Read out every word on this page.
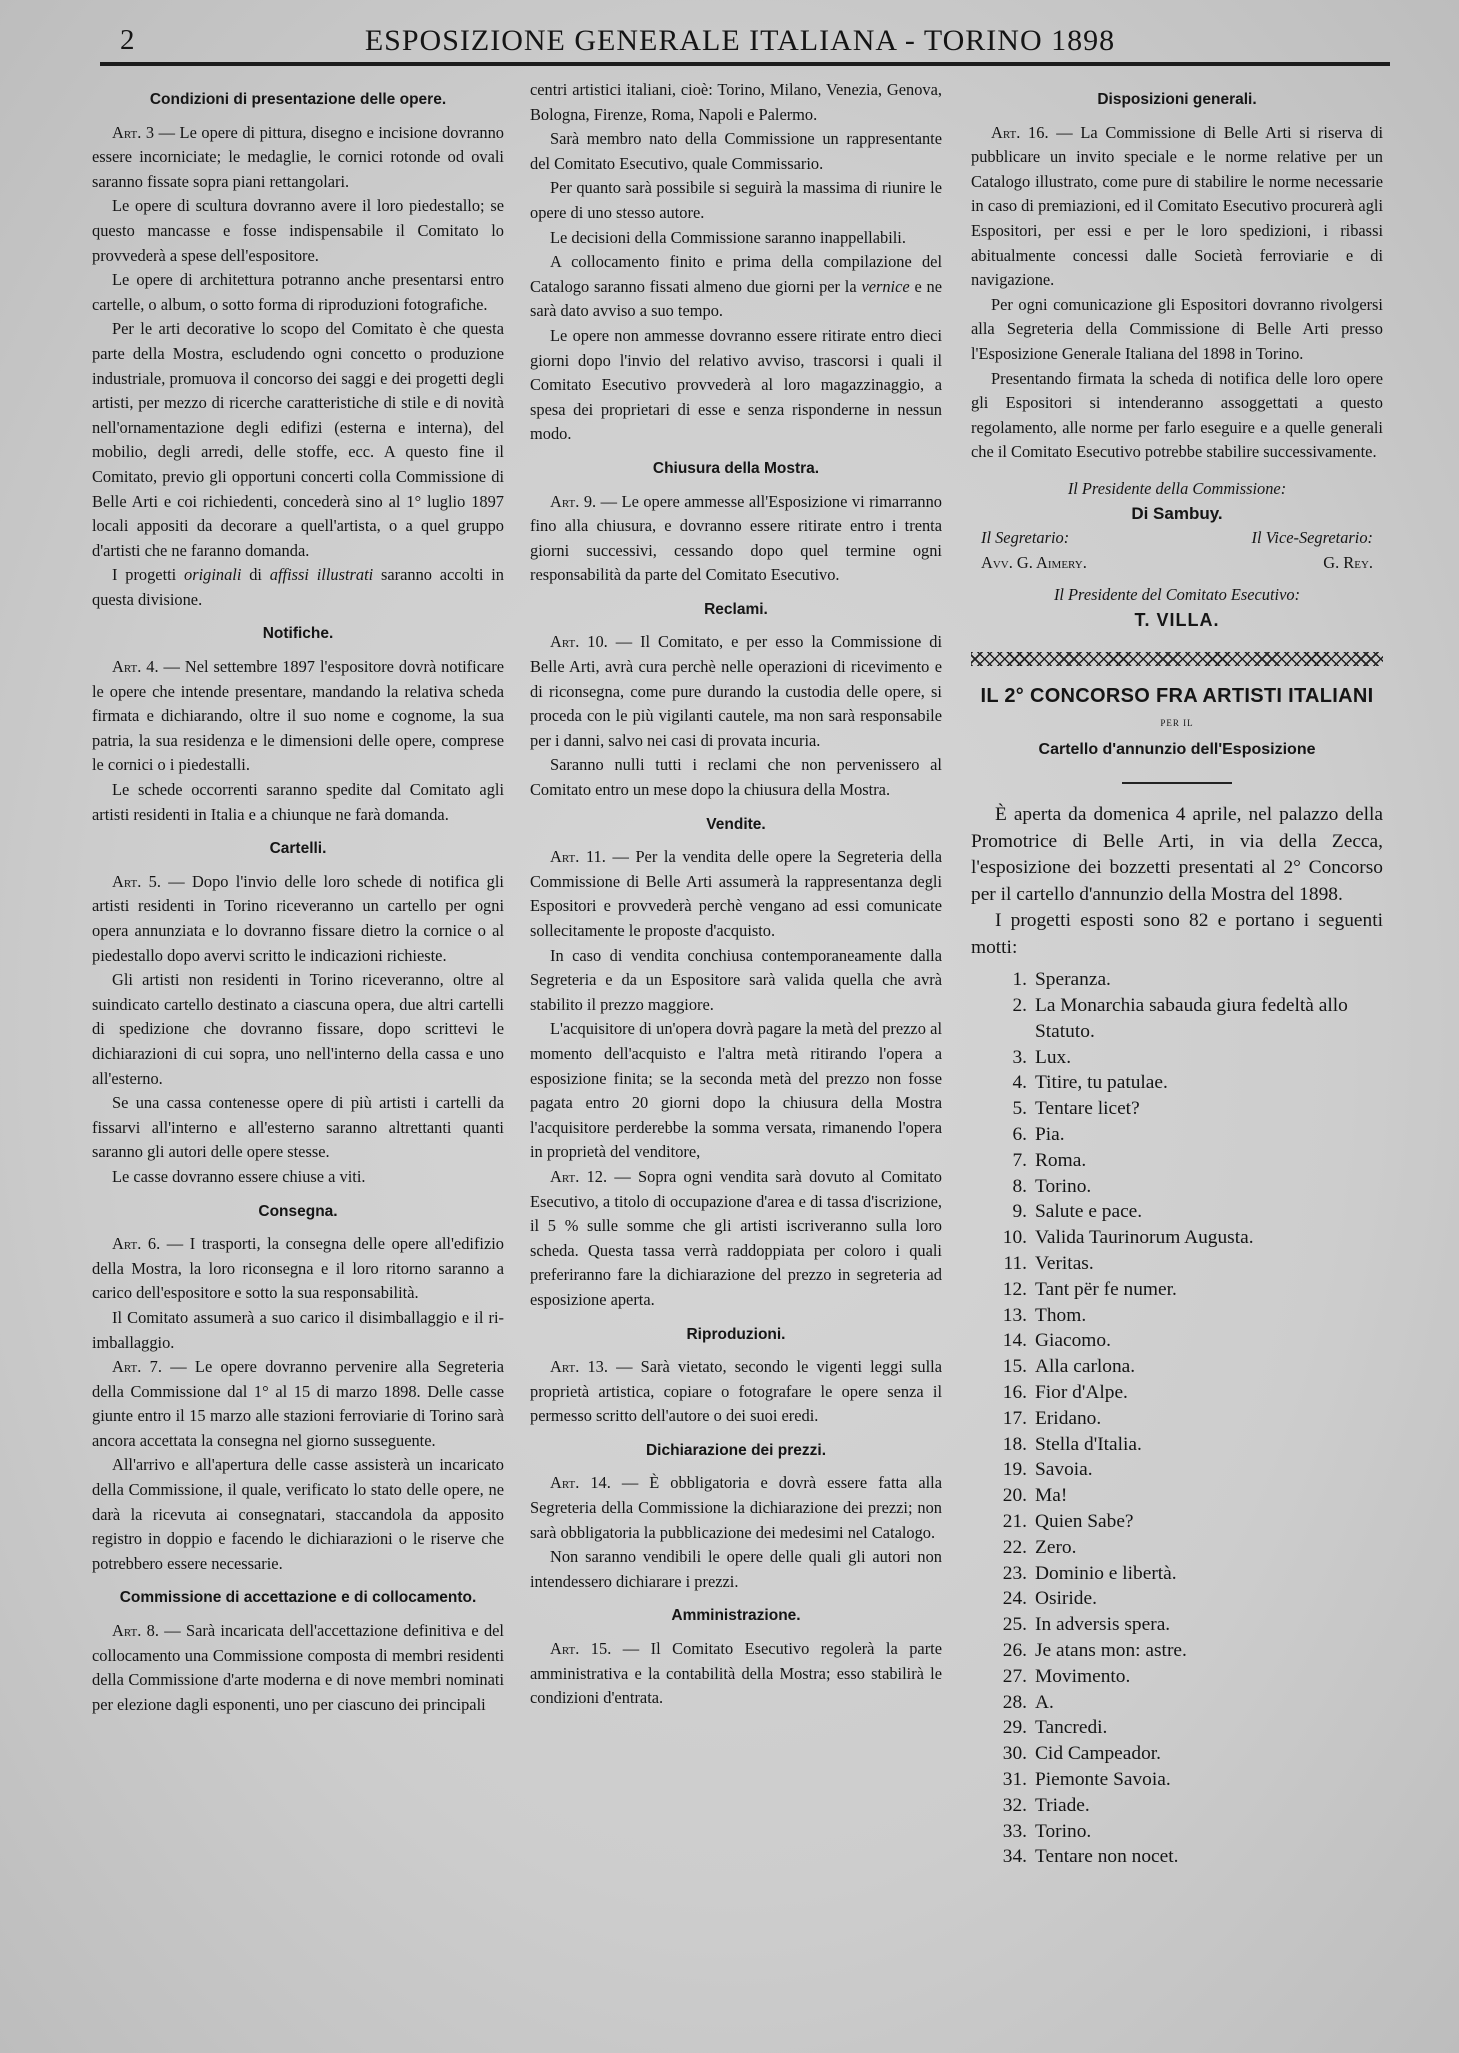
2	ESPOSIZIONE GENERALE ITALIANA - TORINO 1898
Condizioni di presentazione delle opere.

Art. 3 — Le opere di pittura, disegno e incisione dovranno essere incorniciate; le medaglie, le cornici rotonde od ovali saranno fissate sopra piani rettangolari.

Le opere di scultura dovranno avere il loro piedestallo; se questo mancasse e fosse indispensabile il Comitato lo provvederà a spese dell'espositore.

Le opere di architettura potranno anche presentarsi entro cartelle, o album, o sotto forma di riproduzioni fotografiche.

Per le arti decorative lo scopo del Comitato è che questa parte della Mostra, escludendo ogni concetto o produzione industriale, promuova il concorso dei saggi e dei progetti degli artisti, per mezzo di ricerche caratteristiche di stile e di novità nell'ornamentazione degli edifizi (esterna e interna), del mobilio, degli arredi, delle stoffe, ecc. A questo fine il Comitato, previo gli opportuni concerti colla Commissione di Belle Arti e coi richiedenti, concederà sino al 1° luglio 1897 locali appositi da decorare a quell'artista, o a quel gruppo d'artisti che ne faranno domanda.

I progetti originali di affissi illustrati saranno accolti in questa divisione.

Notifiche.

Art. 4. — Nel settembre 1897 l'espositore dovrà notificare le opere che intende presentare, mandando la relativa scheda firmata e dichiarando, oltre il suo nome e cognome, la sua patria, la sua residenza e le dimensioni delle opere, comprese le cornici o i piedestalli.

Le schede occorrenti saranno spedite dal Comitato agli artisti residenti in Italia e a chiunque ne farà domanda.

Cartelli.

Art. 5. — Dopo l'invio delle loro schede di notifica gli artisti residenti in Torino riceveranno un cartello per ogni opera annunziata e lo dovranno fissare dietro la cornice o al piedestallo dopo avervi scritto le indicazioni richieste.

Gli artisti non residenti in Torino riceveranno, oltre al suindicato cartello destinato a ciascuna opera, due altri cartelli di spedizione che dovranno fissare, dopo scrittevi le dichiarazioni di cui sopra, uno nell'interno della cassa e uno all'esterno.

Se una cassa contenesse opere di più artisti i cartelli da fissarvi all'interno e all'esterno saranno altrettanti quanti saranno gli autori delle opere stesse.

Le casse dovranno essere chiuse a viti.

Consegna.

Art. 6. — I trasporti, la consegna delle opere all'edifizio della Mostra, la loro riconsegna e il loro ritorno saranno a carico dell'espositore e sotto la sua responsabilità.

Il Comitato assumerà a suo carico il disimballaggio e il ri-imballaggio.

Art. 7. — Le opere dovranno pervenire alla Segreteria della Commissione dal 1° al 15 di marzo 1898. Delle casse giunte entro il 15 marzo alle stazioni ferroviarie di Torino sarà ancora accettata la consegna nel giorno susseguente.

All'arrivo e all'apertura delle casse assisterà un incaricato della Commissione, il quale, verificato lo stato delle opere, ne darà la ricevuta ai consegnatari, staccandola da apposito registro in doppio e facendo le dichiarazioni o le riserve che potrebbero essere necessarie.

Commissione di accettazione e di collocamento.

Art. 8. — Sarà incaricata dell'accettazione definitiva e del collocamento una Commissione composta di membri residenti della Commissione d'arte moderna e di nove membri nominati per elezione dagli esponenti, uno per ciascuno dei principali

centri artistici italiani, cioè: Torino, Milano, Venezia, Genova, Bologna, Firenze, Roma, Napoli e Palermo.

Sarà membro nato della Commissione un rappresentante del Comitato Esecutivo, quale Commissario.

Per quanto sarà possibile si seguirà la massima di riunire le opere di uno stesso autore.

Le decisioni della Commissione saranno inappellabili.

A collocamento finito e prima della compilazione del Catalogo saranno fissati almeno due giorni per la vernice e ne sarà dato avviso a suo tempo.

Le opere non ammesse dovranno essere ritirate entro dieci giorni dopo l'invio del relativo avviso, trascorsi i quali il Comitato Esecutivo provvederà al loro magazzinaggio, a spesa dei proprietari di esse e senza risponderne in nessun modo.

Chiusura della Mostra.

Art. 9. — Le opere ammesse all'Esposizione vi rimarranno fino alla chiusura, e dovranno essere ritirate entro i trenta giorni successivi, cessando dopo quel termine ogni responsabilità da parte del Comitato Esecutivo.

Reclami.

Art. 10. — Il Comitato, e per esso la Commissione di Belle Arti, avrà cura perchè nelle operazioni di ricevimento e di riconsegna, come pure durando la custodia delle opere, si proceda con le più vigilanti cautele, ma non sarà responsabile per i danni, salvo nei casi di provata incuria.

Saranno nulli tutti i reclami che non pervenissero al Comitato entro un mese dopo la chiusura della Mostra.

Vendite.

Art. 11. — Per la vendita delle opere la Segreteria della Commissione di Belle Arti assumerà la rappresentanza degli Espositori e provvederà perchè vengano ad essi comunicate sollecitamente le proposte d'acquisto.

In caso di vendita conchiusa contemporaneamente dalla Segreteria e da un Espositore sarà valida quella che avrà stabilito il prezzo maggiore.

L'acquisitore di un'opera dovrà pagare la metà del prezzo al momento dell'acquisto e l'altra metà ritirando l'opera a esposizione finita; se la seconda metà del prezzo non fosse pagata entro 20 giorni dopo la chiusura della Mostra l'acquisitore perderebbe la somma versata, rimanendo l'opera in proprietà del venditore,

Art. 12. — Sopra ogni vendita sarà dovuto al Comitato Esecutivo, a titolo di occupazione d'area e di tassa d'iscrizione, il 5 % sulle somme che gli artisti iscriveranno sulla loro scheda. Questa tassa verrà raddoppiata per coloro i quali preferiranno fare la dichiarazione del prezzo in segreteria ad esposizione aperta.

Riproduzioni.

Art. 13. — Sarà vietato, secondo le vigenti leggi sulla proprietà artistica, copiare o fotografare le opere senza il permesso scritto dell'autore o dei suoi eredi.

Dichiarazione dei prezzi.

Art. 14. — È obbligatoria e dovrà essere fatta alla Segreteria della Commissione la dichiarazione dei prezzi; non sarà obbligatoria la pubblicazione dei medesimi nel Catalogo.

Non saranno vendibili le opere delle quali gli autori non intendessero dichiarare i prezzi.

Amministrazione.

Art. 15. — Il Comitato Esecutivo regolerà la parte amministrativa e la contabilità della Mostra; esso stabilirà le condizioni d'entrata.

Disposizioni generali.

Art. 16. — La Commissione di Belle Arti si riserva di pubblicare un invito speciale e le norme relative per un Catalogo illustrato, come pure di stabilire le norme necessarie in caso di premiazioni, ed il Comitato Esecutivo procurerà agli Espositori, per essi e per le loro spedizioni, i ribassi abitualmente concessi dalle Società ferroviarie e di navigazione.

Per ogni comunicazione gli Espositori dovranno rivolgersi alla Segreteria della Commissione di Belle Arti presso l'Esposizione Generale Italiana del 1898 in Torino.

Presentando firmata la scheda di notifica delle loro opere gli Espositori si intenderanno assoggettati a questo regolamento, alle norme per farlo eseguire e a quelle generali che il Comitato Esecutivo potrebbe stabilire successivamente.

Il Presidente della Commissione:
Di Sambuy.
Il Segretario:	Il Vice-Segretario:
Avv. G. Aimery.	G. Rey.
Il Presidente del Comitato Esecutivo:
T. VILLA.
IL 2° CONCORSO FRA ARTISTI ITALIANI
PER IL
Cartello d'annunzio dell'Esposizione

È aperta da domenica 4 aprile, nel palazzo della Promotrice di Belle Arti, in via della Zecca, l'esposizione dei bozzetti presentati al 2° Concorso per il cartello d'annunzio della Mostra del 1898.

I progetti esposti sono 82 e portano i seguenti motti:

1. Speranza.
2. La Monarchia sabauda giura fedeltà allo Statuto.
3. Lux.
4. Titire, tu patulae.
5. Tentare licet?
6. Pia.
7. Roma.
8. Torino.
9. Salute e pace.
10. Valida Taurinorum Augusta.
11. Veritas.
12. Tant për fe numer.
13. Thom.
14. Giacomo.
15. Alla carlona.
16. Fior d'Alpe.
17. Eridano.
18. Stella d'Italia.
19. Savoia.
20. Ma!
21. Quien Sabe?
22. Zero.
23. Dominio e libertà.
24. Osiride.
25. In adversis spera.
26. Je atans mon: astre.
27. Movimento.
28. A.
29. Tancredi.
30. Cid Campeador.
31. Piemonte Savoia.
32. Triade.
33. Torino.
34. Tentare non nocet.
